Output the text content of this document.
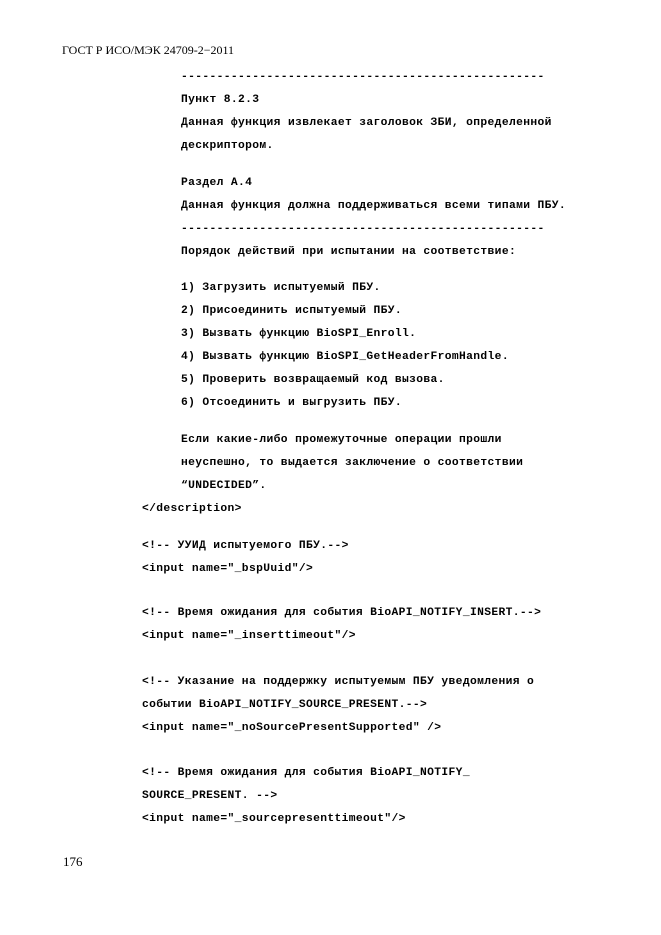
ГОСТ Р ИСО/МЭК 24709-2−2011
---------------------------------------------------
Пункт 8.2.3
Данная функция извлекает заголовок ЗБИ, определенной
дескриптором.
Раздел А.4
Данная функция должна поддерживаться всеми типами ПБУ.
---------------------------------------------------
Порядок действий при испытании на соответствие:
1) Загрузить испытуемый ПБУ.
2) Присоединить испытуемый ПБУ.
3) Вызвать функцию BioSPI_Enroll.
4) Вызвать функцию BioSPI_GetHeaderFromHandle.
5) Проверить возвращаемый код вызова.
6) Отсоединить и выгрузить ПБУ.
Если какие-либо промежуточные операции прошли
неуспешно, то выдается заключение о соответствии
“UNDECIDED”.
</description>
<!-- УУИД испытуемого ПБУ.-->
<input name="_bspUuid"/>
<!-- Время ожидания для события BioAPI_NOTIFY_INSERT.-->
<input name="_inserttimeout"/>
<!-- Указание на поддержку испытуемым ПБУ уведомления о
событии BioAPI_NOTIFY_SOURCE_PRESENT.-->
<input name="_noSourcePresentSupported" />
<!-- Время ожидания для события BioAPI_NOTIFY_
SOURCE_PRESENT. -->
<input name="_sourcepresenttimeout"/>
176
